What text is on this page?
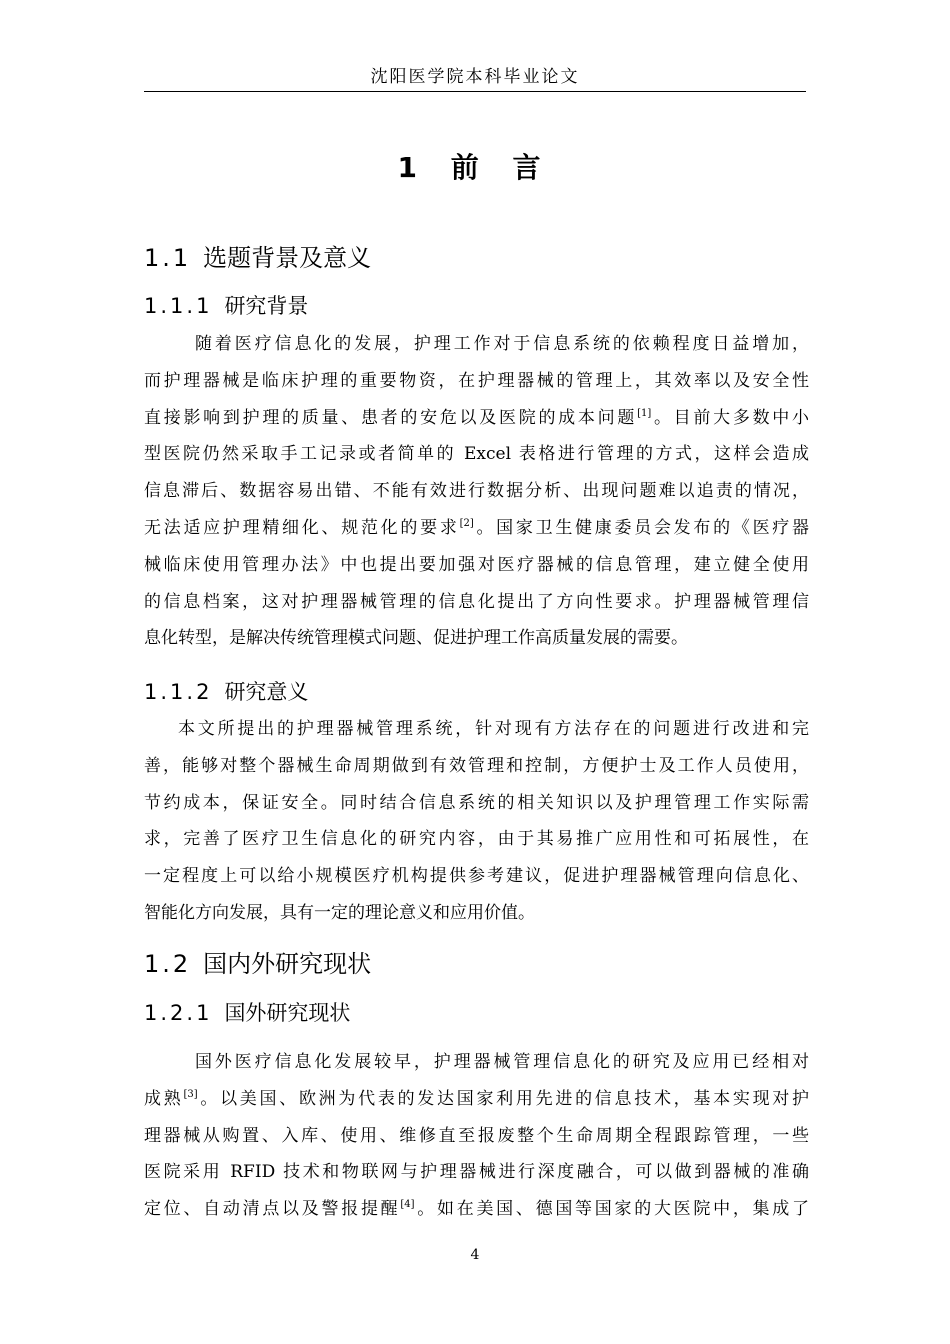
沈阳医学院本科毕业论文
1 前 言
1.1 选题背景及意义
1.1.1 研究背景
随着医疗信息化的发展，护理工作对于信息系统的依赖程度日益增加，
而护理器械是临床护理的重要物资，在护理器械的管理上，其效率以及安全性
直接影响到护理的质量、患者的安危以及医院的成本问题[1]。目前大多数中小
型医院仍然采取手工记录或者简单的 Excel 表格进行管理的方式，这样会造成
信息滞后、数据容易出错、不能有效进行数据分析、出现问题难以追责的情况，
无法适应护理精细化、规范化的要求[2]。国家卫生健康委员会发布的《医疗器
械临床使用管理办法》中也提出要加强对医疗器械的信息管理，建立健全使用
的信息档案，这对护理器械管理的信息化提出了方向性要求。护理器械管理信
息化转型，是解决传统管理模式问题、促进护理工作高质量发展的需要。
1.1.2 研究意义
本文所提出的护理器械管理系统，针对现有方法存在的问题进行改进和完
善，能够对整个器械生命周期做到有效管理和控制，方便护士及工作人员使用，
节约成本，保证安全。同时结合信息系统的相关知识以及护理管理工作实际需
求，完善了医疗卫生信息化的研究内容，由于其易推广应用性和可拓展性，在
一定程度上可以给小规模医疗机构提供参考建议，促进护理器械管理向信息化、
智能化方向发展，具有一定的理论意义和应用价值。
1.2 国内外研究现状
1.2.1 国外研究现状
国外医疗信息化发展较早，护理器械管理信息化的研究及应用已经相对
成熟[3]。以美国、欧洲为代表的发达国家利用先进的信息技术，基本实现对护
理器械从购置、入库、使用、维修直至报废整个生命周期全程跟踪管理，一些
医院采用 RFID 技术和物联网与护理器械进行深度融合，可以做到器械的准确
定位、自动清点以及警报提醒[4]。如在美国、德国等国家的大医院中，集成了
4
